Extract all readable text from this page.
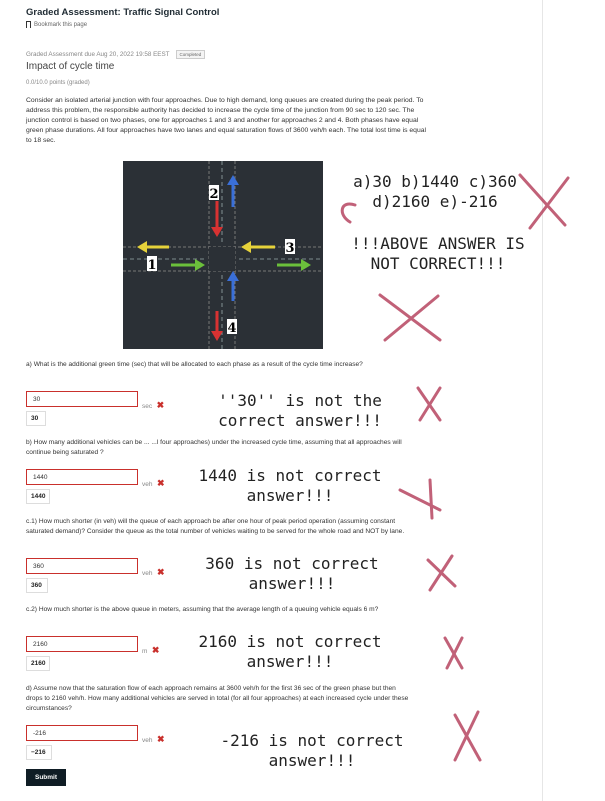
Graded Assessment: Traffic Signal Control
Bookmark this page
Graded Assessment due Aug 20, 2022 19:58 EEST	Completed
Impact of cycle time
0.0/10.0 points (graded)
Consider an isolated arterial junction with four approaches. Due to high demand, long queues are created during the peak period. To address this problem, the responsible authority has decided to increase the cycle time of the junction from 90 sec to 120 sec. The junction control is based on two phases, one for approaches 1 and 3 and another for approaches 2 and 4. Both phases have equal green phase durations. All four approaches have two lanes and equal saturation flows of 3600 veh/h each. The total lost time is equal to 18 sec.
1
2
3
4
a)30 b)1440 c)360
d)2160 e)-216
!!!ABOVE ANSWER IS
NOT CORRECT!!!
a) What is the additional green time (sec) that will be allocated to each phase as a result of the cycle time increase?
30
sec ✖
30
''30'' is not the
correct answer!!!
b) How many additional vehicles can be ... ...l four approaches) under the increased cycle time, assuming that all approaches will continue being saturated ?
1440
veh ✖
1440
1440 is not correct
answer!!!
c.1) How much shorter (in veh) will the queue of each approach be after one hour of peak period operation (assuming constant saturated demand)? Consider the queue as the total number of vehicles waiting to be served for the whole road and NOT by lane.
360
veh ✖
360
360 is not correct
answer!!!
c.2) How much shorter is the above queue in meters, assuming that the average length of a queuing vehicle equals 6 m?
2160
m ✖
2160
2160 is not correct
answer!!!
d) Assume now that the saturation flow of each approach remains at 3600 veh/h for the first 36 sec of the green phase but then drops to 2160 veh/h. How many additional vehicles are served in total (for all four approaches) at each increased cycle under these circumstances?
-216
veh ✖
−216
-216 is not correct
answer!!!
Submit
